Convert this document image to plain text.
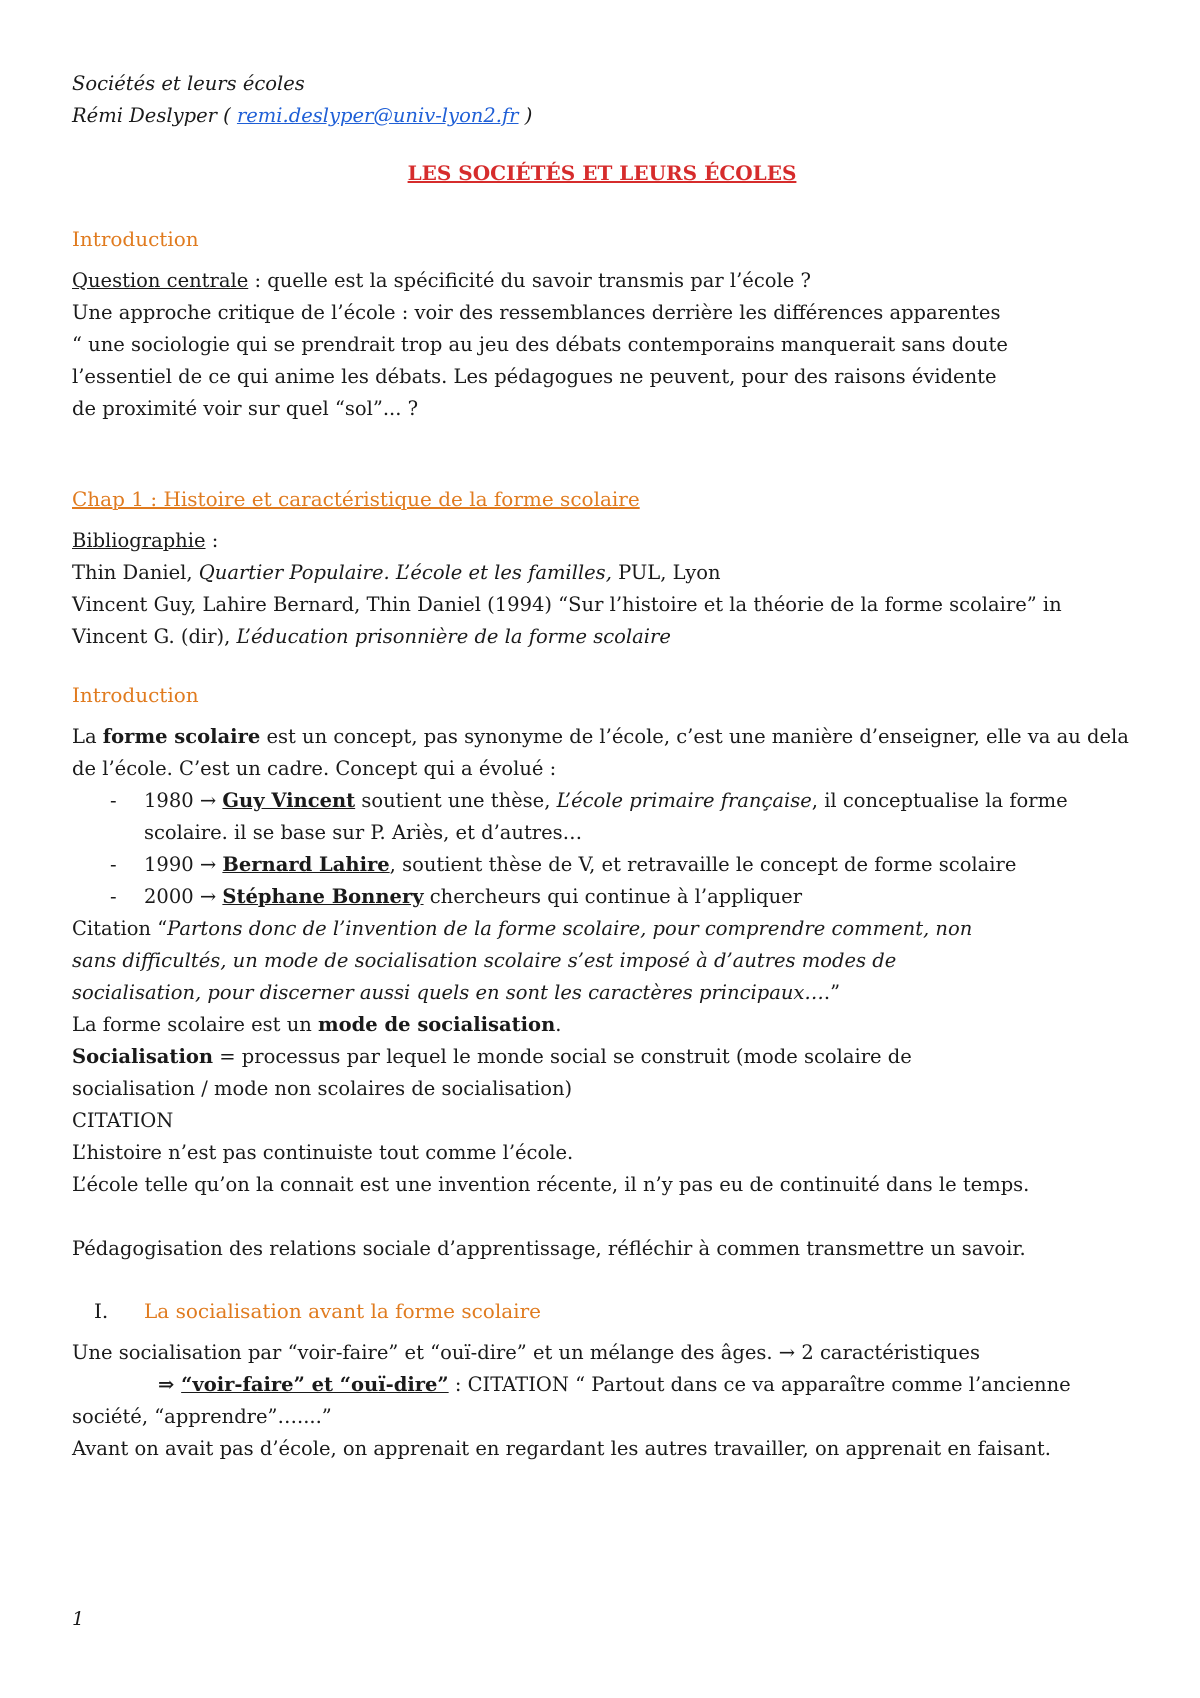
Sociétés et leurs écoles
Rémi Deslyper ( remi.deslyper@univ-lyon2.fr )
LES SOCIÉTÉS ET LEURS ÉCOLES
Introduction
Question centrale : quelle est la spécificité du savoir transmis par l’école ?
Une approche critique de l’école : voir des ressemblances derrière les différences apparentes
“ une sociologie qui se prendrait trop au jeu des débats contemporains manquerait sans doute l’essentiel de ce qui anime les débats. Les pédagogues ne peuvent, pour des raisons évidente de proximité voir sur quel “sol”... ?
Chap 1 : Histoire et caractéristique de la forme scolaire
Bibliographie :
Thin Daniel, Quartier Populaire. L’école et les familles, PUL, Lyon
Vincent Guy, Lahire Bernard, Thin Daniel (1994) “Sur l’histoire et la théorie de la forme scolaire” in
Vincent G. (dir), L’éducation prisonnière de la forme scolaire
Introduction
La forme scolaire est un concept, pas synonyme de l’école, c’est une manière d’enseigner, elle va au dela
de l’école. C’est un cadre. Concept qui a évolué :
-	1980 → Guy Vincent soutient une thèse, L’école primaire française, il conceptualise la forme
scolaire. il se base sur P. Ariès, et d’autres…
-	1990 → Bernard Lahire, soutient thèse de V, et retravaille le concept de forme scolaire
-	2000 → Stéphane Bonnery chercheurs qui continue à l’appliquer
Citation “Partons donc de l’invention de la forme scolaire, pour comprendre comment, non sans difficultés, un mode de socialisation scolaire s’est imposé à d’autres modes de socialisation, pour discerner aussi quels en sont les caractères principaux….”
La forme scolaire est un mode de socialisation.
Socialisation = processus par lequel le monde social se construit (mode scolaire de socialisation / mode non scolaires de socialisation)
CITATION
L’histoire n’est pas continuiste tout comme l’école.
L’école telle qu’on la connait est une invention récente, il n’y pas eu de continuité dans le temps.
Pédagogisation des relations sociale d’apprentissage, réfléchir à commen transmettre un savoir.
I.	La socialisation avant la forme scolaire
Une socialisation par “voir-faire” et “ouï-dire” et un mélange des âges. → 2 caractéristiques
⇒ “voir-faire” et “ouï-dire” : CITATION “ Partout dans ce va apparaître comme l’ancienne
société, “apprendre”…....”
Avant on avait pas d’école, on apprenait en regardant les autres travailler, on apprenait en faisant.
1
